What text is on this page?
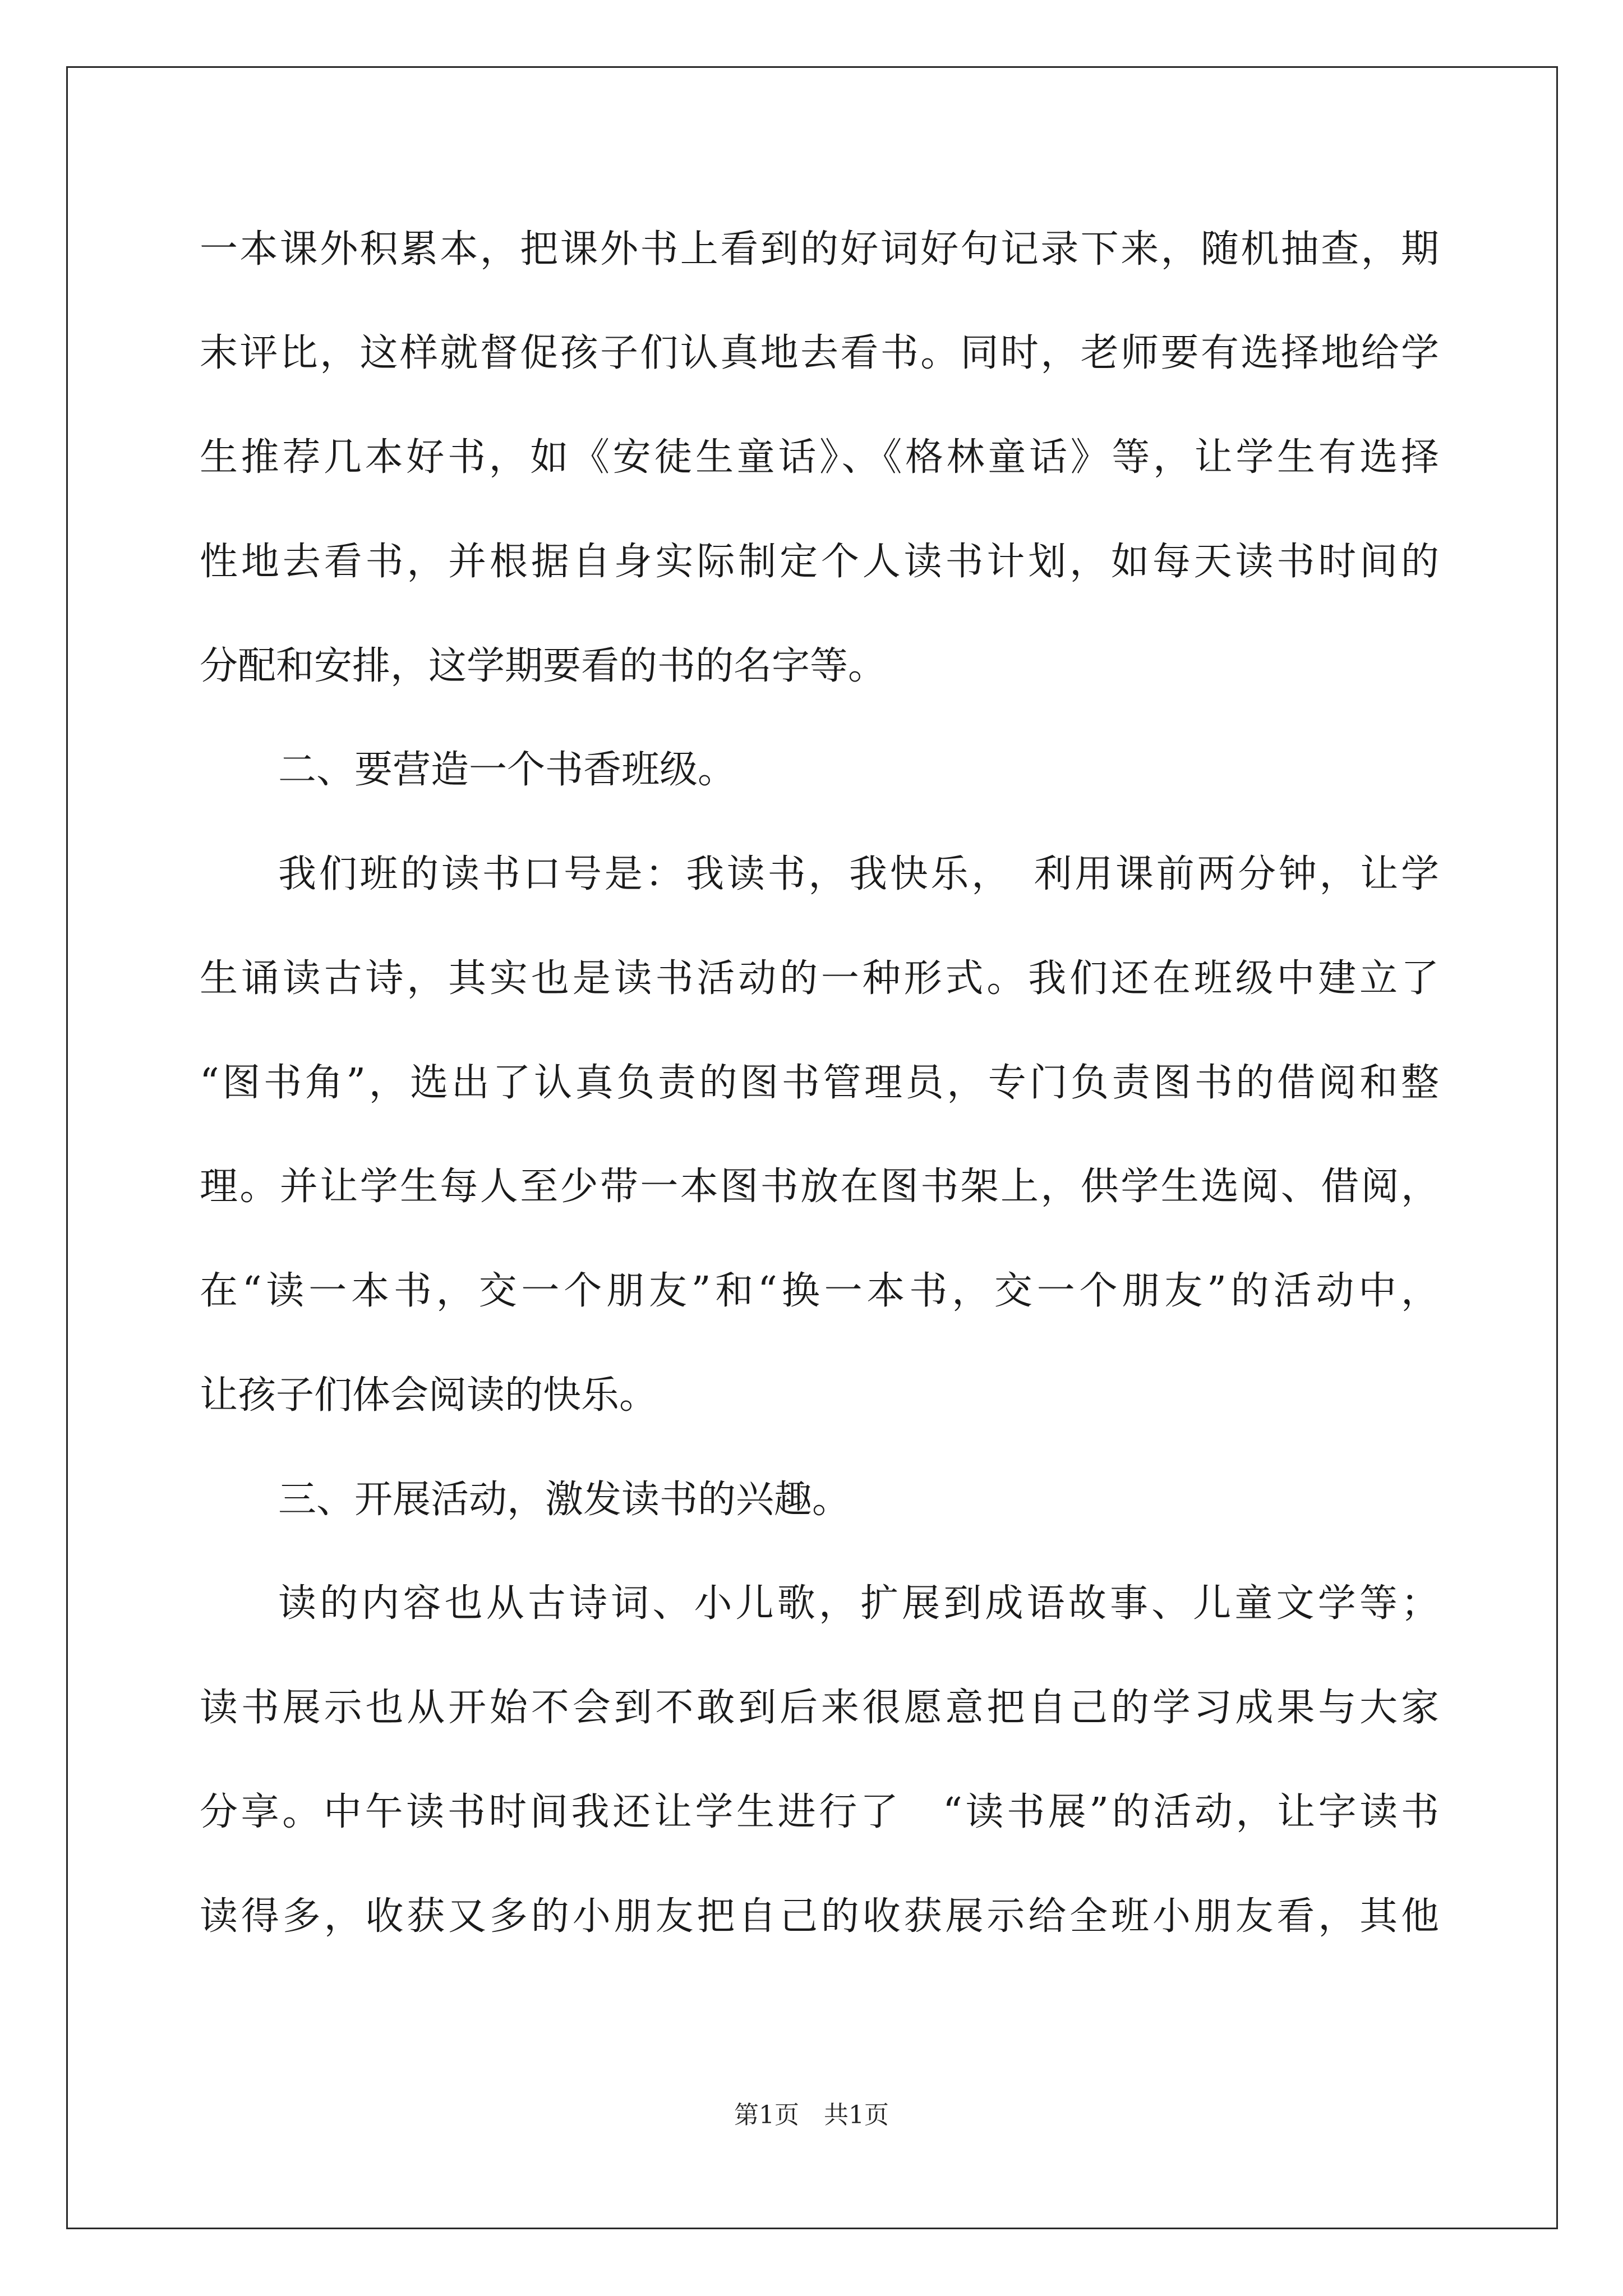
一本课外积累本，把课外书上看到的好词好句记录下来，随机抽查，期
末评比，这样就督促孩子们认真地去看书。同时，老师要有选择地给学
生推荐几本好书，如《安徒生童话》、《格林童话》等，让学生有选择
性地去看书，并根据自身实际制定个人读书计划，如每天读书时间的
分配和安排，这学期要看的书的名字等。
二、要营造一个书香班级。
我们班的读书口号是：我读书，我快乐，　利用课前两分钟，让学
生诵读古诗，其实也是读书活动的一种形式。我们还在班级中建立了
“图书角”，选出了认真负责的图书管理员，专门负责图书的借阅和整
理。并让学生每人至少带一本图书放在图书架上，供学生选阅、借阅，
在“读一本书，交一个朋友”和“换一本书，交一个朋友”的活动中，
让孩子们体会阅读的快乐。
三、开展活动，激发读书的兴趣。
读的内容也从古诗词、小儿歌，扩展到成语故事、儿童文学等；
读书展示也从开始不会到不敢到后来很愿意把自己的学习成果与大家
分享。中午读书时间我还让学生进行了　“读书展”的活动，让字读书
读得多，收获又多的小朋友把自己的收获展示给全班小朋友看，其他
第1页　共1页
